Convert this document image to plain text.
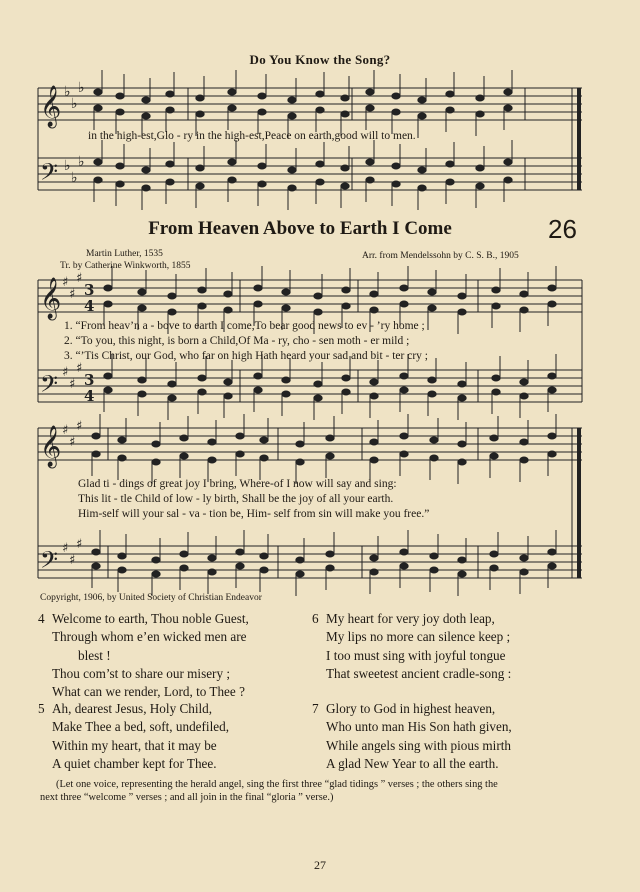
Do You Know the Song?
𝄞
𝄢
♭
♭
♭
♭
♭
♭
𝄞
𝄢
♯
♯
♯
♯
♯
♯
3
4
3
4
𝄞
𝄢
♯
♯
♯
♯
♯
♯
in the high-est,Glo - ry in the high-est,Peace on earth,good will to men.
From Heaven Above to Earth I Come	26
Martin Luther, 1535
Tr. by Catherine Winkworth, 1855
Arr. from Mendelssohn by C. S. B., 1905
1. “From heav’n a - bove to earth I come,To bear good news to ev - ’ry home ;
2. “To you, this night, is born a Child,Of Ma - ry, cho - sen moth - er mild ;
3. “’Tis Christ, our God, who far on high Hath heard your sad and bit - ter cry ;
Glad ti - dings of great joy I bring, Where-of I now will say and sing:
This lit - tle Child of low - ly birth, Shall be the joy of all your earth.
Him-self will your sal - va - tion be, Him- self from sin will make you free.”
Copyright, 1906, by United Society of Christian Endeavor
4 Welcome to earth, Thou noble Guest,
Through whom e’en wicked men are
blest !
Thou com’st to share our misery ;
What can we render, Lord, to Thee ?
5 Ah, dearest Jesus, Holy Child,
Make Thee a bed, soft, undefiled,
Within my heart, that it may be
A quiet chamber kept for Thee.
6 My heart for very joy doth leap,
My lips no more can silence keep ;
I too must sing with joyful tongue
That sweetest ancient cradle-song :
7 Glory to God in highest heaven,
Who unto man His Son hath given,
While angels sing with pious mirth
A glad New Year to all the earth.
(Let one voice, representing the herald angel, sing the first three “glad tidings ” verses ; the others sing the
next three “welcome ” verses ; and all join in the final “gloria ” verse.)
27
